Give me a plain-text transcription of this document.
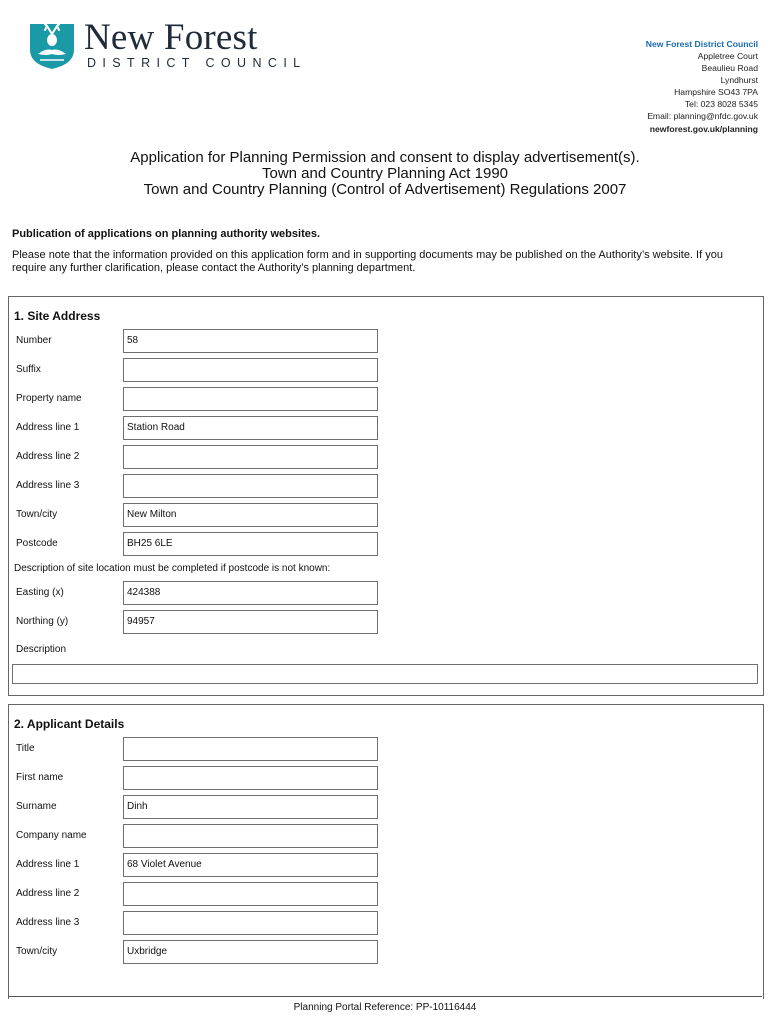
New Forest
DISTRICT COUNCIL
New Forest District Council
Appletree Court
Beaulieu Road
Lyndhurst
Hampshire SO43 7PA
Tel: 023 8028 5345
Email: planning@nfdc.gov.uk
newforest.gov.uk/planning
Application for Planning Permission and consent to display advertisement(s).
Town and Country Planning Act 1990
Town and Country Planning (Control of Advertisement) Regulations 2007
Publication of applications on planning authority websites.
Please note that the information provided on this application form and in supporting documents may be published on the Authority’s website. If you require any further clarification, please contact the Authority’s planning department.
1. Site Address
Number	58
Suffix
Property name
Address line 1	Station Road
Address line 2
Address line 3
Town/city	New Milton
Postcode	BH25 6LE
Description of site location must be completed if postcode is not known:
Easting (x)	424388
Northing (y)	94957
Description
2. Applicant Details
Title
First name
Surname	Dinh
Company name
Address line 1	68 Violet Avenue
Address line 2
Address line 3
Town/city	Uxbridge
Planning Portal Reference: PP-10116444
